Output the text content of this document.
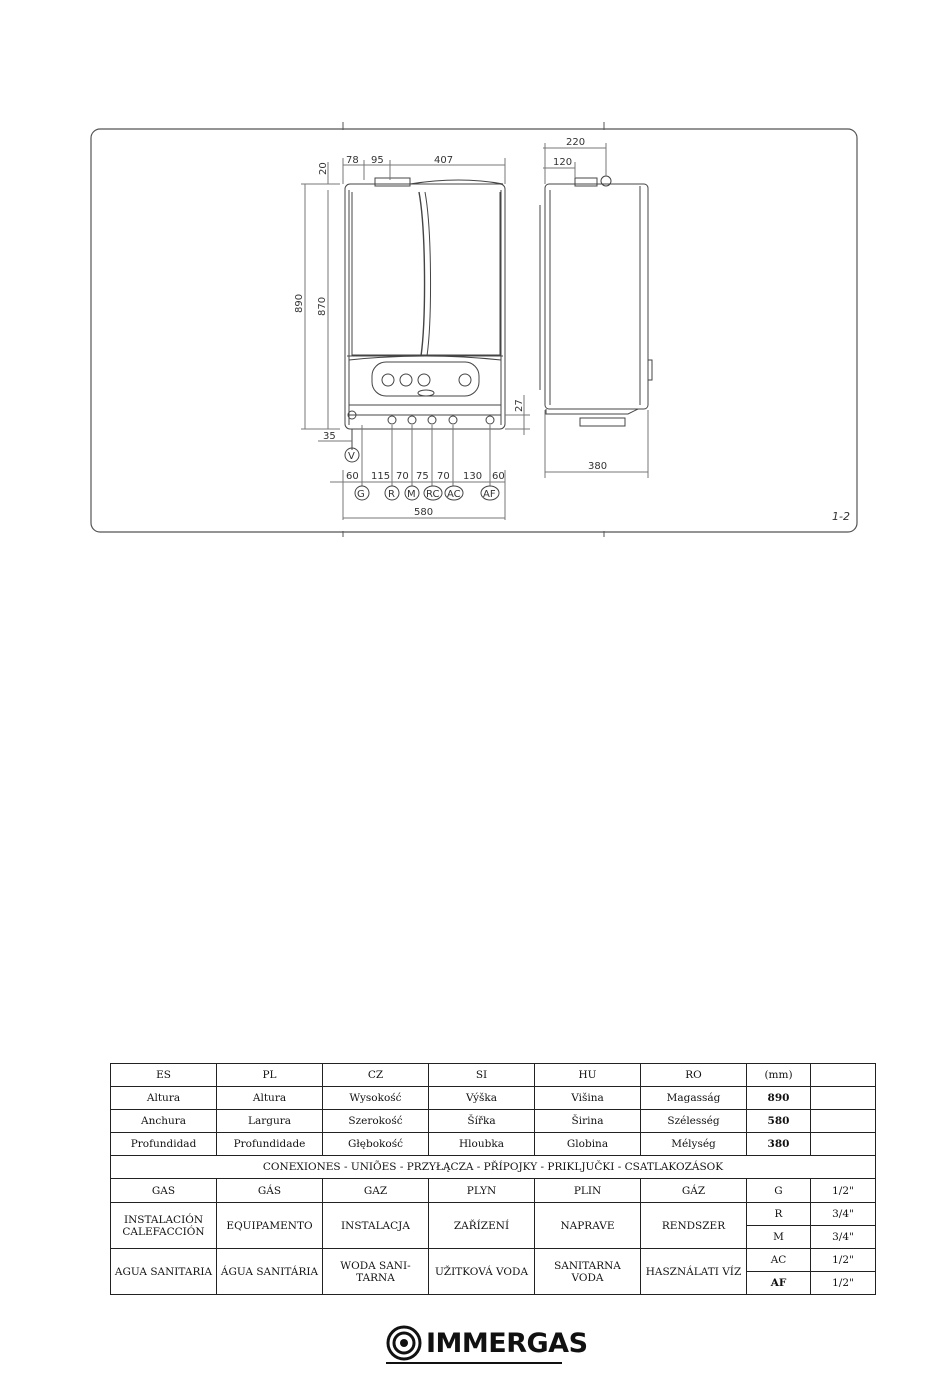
78 95	407
20
890 870
27
35
V
60 115 70 75 70 130 60
G R M RC AC AF
580
220
120
380
1-2
ES	PL	CZ	SI	HU	RO	(mm)	
Altura	Altura	Wysokość	Výška	Višina	Magasság	890	
Anchura	Largura	Szerokość	Šířka	Širina	Szélesség	580	
Profundidad	Profundidade	Głębokość	Hloubka	Globina	Mélység	380	
CONEXIONES - UNIÕES - PRZYŁĄCZA - PŘÍPOJKY - PRIKLJUČKI - CSATLAKOZÁSOK							
GAS	GÁS	GAZ	PLYN	PLIN	GÁZ	G	1/2"
INSTALACIÓN CALEFACCIÓN	EQUIPAMENTO	INSTALACJA	ZAŘÍZENÍ	NAPRAVE	RENDSZER	R	3/4"
						M	3/4"
AGUA SANITARIA	ÁGUA SANITÁRIA	WODA SANI-TARNA	UŽITKOVÁ VODA	SANITARNA VODA	HASZNÁLATI VÍZ	AC	1/2"
						AF	1/2"
IMMERGAS
